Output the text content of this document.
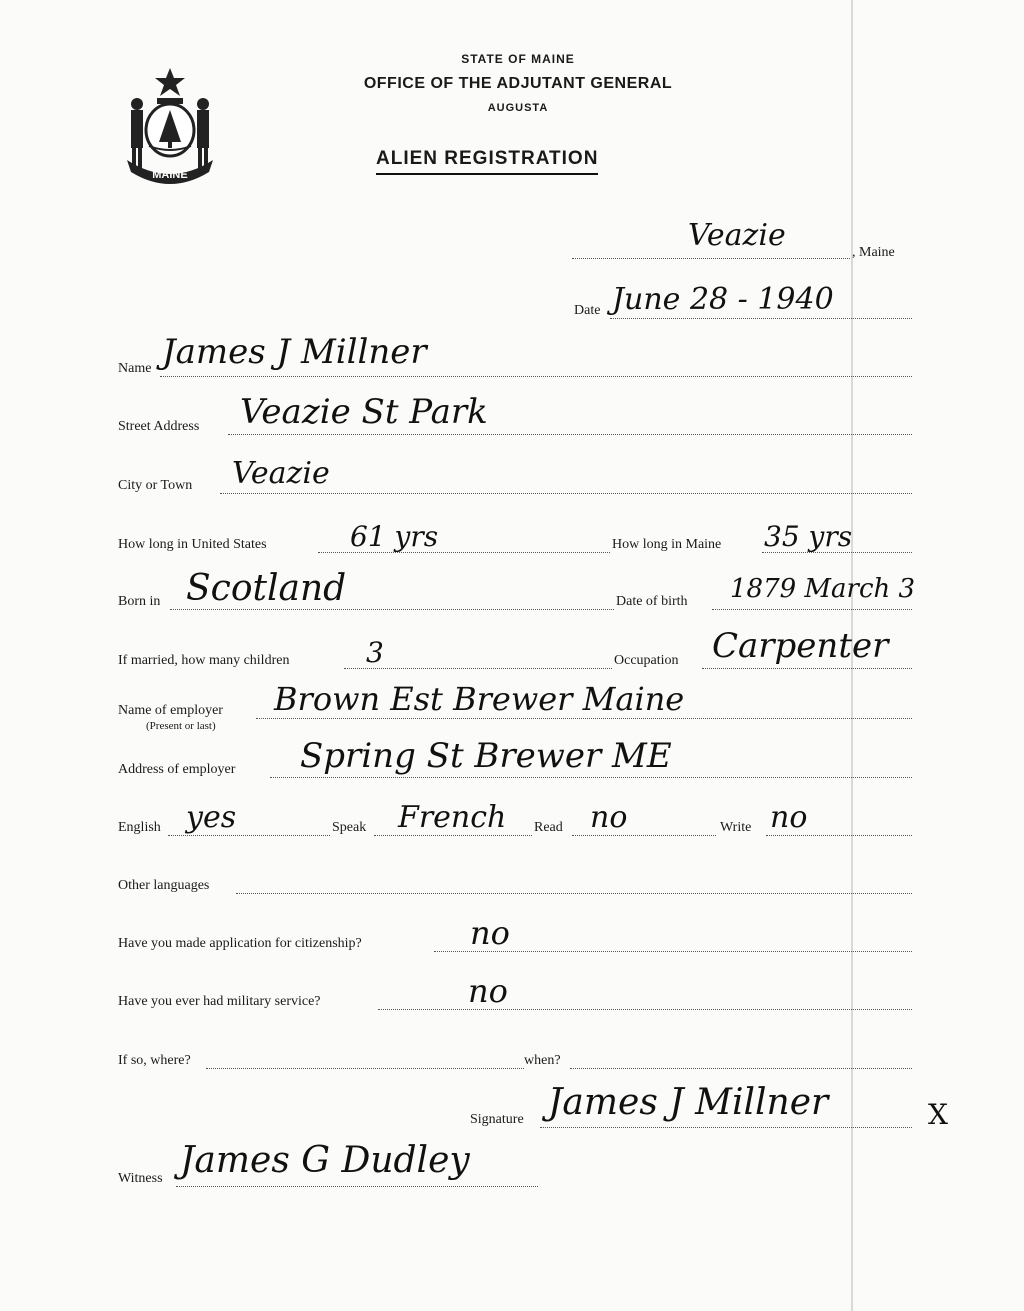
MAINE
STATE OF MAINE
OFFICE OF THE ADJUTANT GENERAL
AUGUSTA
ALIEN REGISTRATION
Veazie	, Maine
Date June 28 - 1940
Name James J Millner
Street Address Veazie St Park
City or Town Veazie
How long in United States	61 yrs	How long in Maine 35 yrs
Born in Scotland	Date of birth 1879 March 3
If married, how many children	3	Occupation Carpenter
Name of employer
(Present or last)
Brown Est Brewer Maine
Address of employer Spring St Brewer ME
English yes	Speak French Read no	Write no
Other languages
Have you made application for citizenship?	no
Have you ever had military service?	no
If so, where?	when?
Signature James J Millner	X
Witness James G Dudley
